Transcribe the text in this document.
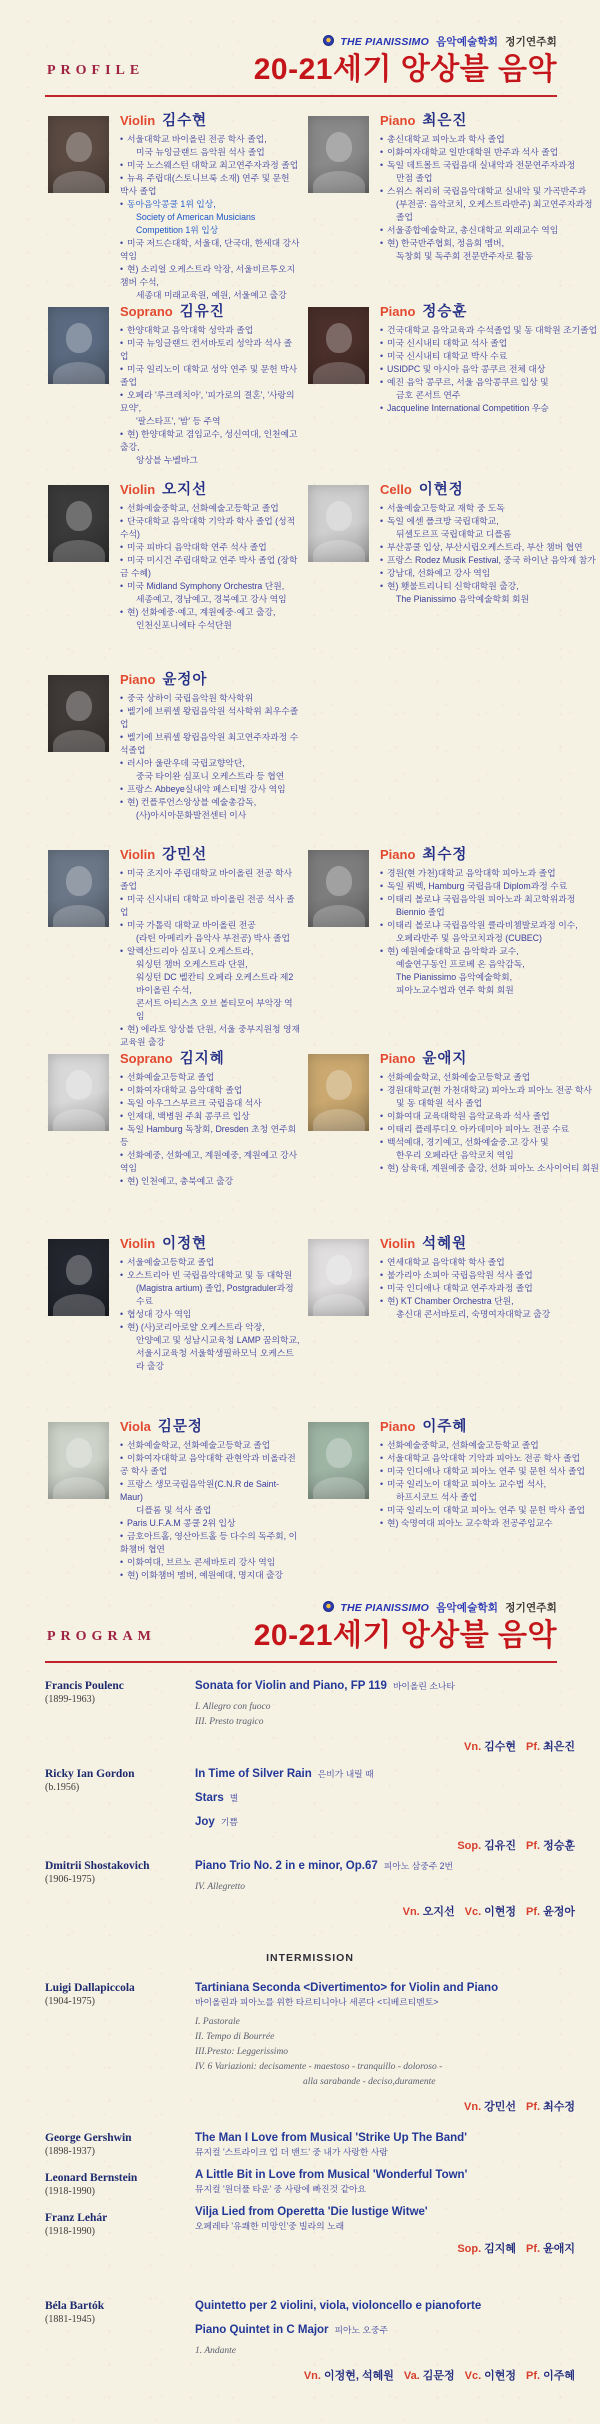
THE PIANISSIMO 음악예술학회 정기연주회
20-21세기 앙상블 음악
PROFILE
Violin 김수현
• 서울대학교 바이올린 전공 학사 졸업,
미국 뉴잉글랜드 음악원 석사 졸업
• 미국 노스웨스턴 대학교 최고연주자과정 졸업
• 뉴욕 주립대(스토니브룩 소재) 연주 및 문헌 박사 졸업
• 동아음악콩쿨 1위 입상,
Society of American Musicians Competition 1위 입상
• 미국 저드슨대학, 서울대, 단국대, 한세대 강사 역임
• 현) 소리얼 오케스트라 악장, 서울비르투오지 챔버 수석,
세종대 미래교육원, 예원, 서울예고 출강
Piano 최은진
• 총신대학교 피아노과 학사 졸업
• 이화여자대학교 일반대학원 반주과 석사 졸업
• 독일 데트몰트 국립음대 실내악과 전문연주자과정
만점 졸업
• 스위스 취리히 국립음악대학교 실내악 및 가곡반주과
(부전공: 음악코치, 오케스트라반주) 최고연주자과정 졸업
• 서울종합예술학교, 총신대학교 외래교수 역임
• 현) 한국반주협회, 정음회 멤버,
독창회 및 독주회 전문반주자로 활동
Soprano 김유진
• 한양대학교 음악대학 성악과 졸업
• 미국 뉴잉글랜드 컨서바토리 성악과 석사 졸업
• 미국 일리노이 대학교 성악 연주 및 문헌 박사 졸업
• 오페라 '루크레치아', '피가로의 결혼', '사랑의 묘약',
'팔스타프', '밤' 등 주역
• 현) 한양대학교 겸임교수, 성신여대, 인천예고 출강,
앙상블 누벨바그
Piano 정승훈
• 건국대학교 음악교육과 수석졸업 및 동 대학원 조기졸업
• 미국 신시내티 대학교 석사 졸업
• 미국 신시내티 대학교 박사 수료
• USIDPC 및 아시아 음악 콩쿠르 전체 대상
• 예진 음악 콩쿠르, 서울 음악콩쿠르 입상 및
금호 콘서트 연주
• Jacqueline International Competition 우승
Violin 오지선
• 선화예술중학교, 선화예술고등학교 졸업
• 단국대학교 음악대학 기악과 학사 졸업 (성적수석)
• 미국 피바디 음악대학 연주 석사 졸업
• 미국 미시건 주립대학교 연주 박사 졸업 (장학금 수혜)
• 미국 Midland Symphony Orchestra 단원,
세종예고, 경남예고, 경북예고 강사 역임
• 현) 선화예중·예고, 계원예중·예고 출강,
인천신포니에타 수석단원
Cello 이현정
• 서울예술고등학교 재학 중 도독
• 독일 에센 폴크방 국립대학교,
뒤셀도르프 국립대학교 디플롬
• 부산콩쿨 입상, 부산시립오케스트라, 부산 챔버 협연
• 프랑스 Rodez Musik Festival, 중국 하이난 음악제 참가
• 강남대, 선화예고 강사 역임
• 현) 횃불트리니티 신학대학원 출강,
The Pianissimo 음악예술학회 회원
Piano 윤정아
• 중국 상하이 국립음악원 학사학위
• 벨기에 브뤼셀 왕립음악원 석사학위 최우수졸업
• 벨기에 브뤼셀 왕립음악원 최고연주자과정 수석졸업
• 러시아 울란우데 국립교향악단,
중국 타이완 심포니 오케스트라 등 협연
• 프랑스 Abbeye실내악 페스티벌 강사 역임
• 현) 컨플루언스앙상블 예술총감독,
(사)아시아문화발전센터 이사
Violin 강민선
• 미국 조지아 주립대학교 바이올린 전공 학사 졸업
• 미국 신시내티 대학교 바이올린 전공 석사 졸업
• 미국 가톨릭 대학교 바이올린 전공
(라틴 아메리카 음악사 부전공) 박사 졸업
• 알렉산드리아 심포니 오케스트라,
워싱턴 챔버 오케스트라 단원,
워싱턴 DC 벨칸티 오페라 오케스트라 제2바이올린 수석,
콘서트 아티스츠 오브 볼티모어 부악장 역임
• 현) 에라토 앙상블 단원, 서울 중부지원청 영재교육원 출강
Piano 최수정
• 경원(현 가천)대학교 음악대학 피아노과 졸업
• 독일 뤼벡, Hamburg 국립음대 Diplom과정 수료
• 이태리 볼로냐 국립음악원 피아노과 최고학위과정
Biennio 졸업
• 이태리 볼로냐 국립음악원 클라비쳄발로과정 이수,
오페라반주 및 음악코치과정 (CUBEC)
• 현) 예원예술대학교 음악학과 교수,
예술연구동인 프로베 온 음악감독,
The Pianissimo 음악예술학회,
피아노교수법과 연주 학회 회원
Soprano 김지혜
• 선화예술고등학교 졸업
• 이화여자대학교 음악대학 졸업
• 독일 아우그스부르크 국립음대 석사
• 인제대, 백병원 주최 콩쿠르 입상
• 독일 Hamburg 독창회, Dresden 초청 연주회 등
• 선화예중, 선화예고, 계원예중, 계원예고 강사 역임
• 현) 인천예고, 충북예고 출강
Piano 윤애지
• 선화예술학교, 선화예술고등학교 졸업
• 경원대학교(현 가천대학교) 피아노과 피아노 전공 학사
및 동 대학원 석사 졸업
• 이화여대 교육대학원 음악교육과 석사 졸업
• 이태리 플레루디오 아카데미아 피아노 전공 수료
• 백석예대, 경기예고, 선화예술중.고 강사 및
한우리 오페라단 음악코치 역임
• 현) 삼육대, 계원예중 출강, 선화 피아노 소사이어티 회원
Violin 이정현
• 서울예술고등학교 졸업
• 오스트리아 빈 국립음악대학교 및 동 대학원
(Magistra artium) 졸업, Postgraduler과정 수료
• 협성대 강사 역임
• 현) (사)코리아로얄 오케스트라 악장,
안양예고 및 성남시교육청 LAMP 꿈의학교,
서울시교육청 서울학생필하모닉 오케스트라 출강
Violin 석혜원
• 연세대학교 음악대학 학사 졸업
• 불가리아 소피아 국립음악원 석사 졸업
• 미국 인디애나 대학교 연주자과정 졸업
• 현) KT Chamber Orchestra 단원,
총신대 콘서바토리, 숙명여자대학교 출강
Viola 김문정
• 선화예술학교, 선화예술고등학교 졸업
• 이화여자대학교 음악대학 관현악과 비올라전공 학사 졸업
• 프랑스 생모국립음악원(C.N.R de Saint-Maur)
디플롬 및 석사 졸업
• Paris U.F.A.M 콩쿨 2위 입상
• 금호아트홀, 영산아트홀 등 다수의 독주회, 이화챔버 협연
• 이화여대, 브르노 콘세바토리 강사 역임
• 현) 이화챔버 멤버, 예원예대, 명지대 출강
Piano 이주혜
• 선화예술중학교, 선화예술고등학교 졸업
• 서울대학교 음악대학 기악과 피아노 전공 학사 졸업
• 미국 인디애나 대학교 피아노 연주 및 문헌 석사 졸업
• 미국 일리노이 대학교 피아노 교수법 석사,
하프시코드 석사 졸업
• 미국 일리노이 대학교 피아노 연주 및 문헌 박사 졸업
• 현) 숙명여대 피아노 교수학과 전공주임교수
THE PIANISSIMO 음악예술학회 정기연주회
20-21세기 앙상블 음악
PROGRAM
Francis Poulenc
(1899-1963)
Sonata for Violin and Piano, FP 119 바이올린 소나타
I. Allegro con fuoco
III. Presto tragico
Vn. 김수현 Pf. 최은진
Ricky Ian Gordon
(b.1956)
In Time of Silver Rain 은비가 내릴 때
Stars 별
Joy 기쁨
Sop. 김유진 Pf. 정승훈
Dmitrii Shostakovich
(1906-1975)
Piano Trio No. 2 in e minor, Op.67 피아노 삼중주 2번
IV. Allegretto
Vn. 오지선 Vc. 이현정 Pf. 윤정아
INTERMISSION
Luigi Dallapiccola
(1904-1975)
Tartiniana Seconda <Divertimento> for Violin and Piano
바이올린과 피아노를 위한 타르티니아나 세콘다 <디베르티멘토>
I. Pastorale
II. Tempo di Bourrée
III.Presto: Leggerissimo
IV. 6 Variazioni: decisamente - maestoso - tranquillo - doloroso -
alla sarabande - deciso,duramente
Vn. 강민선 Pf. 최수정
George Gershwin
(1898-1937)
Leonard Bernstein
(1918-1990)
Franz Lehár
(1918-1990)
The Man I Love from Musical 'Strike Up The Band'
뮤지컬 '스트라이크 업 더 밴드' 중 내가 사랑한 사람
A Little Bit in Love from Musical 'Wonderful Town'
뮤지컬 '원더풀 타운' 중 사랑에 빠진것 같아요
Vilja Lied from Operetta 'Die lustige Witwe'
오페레타 '유쾌한 미망인'중 빌라의 노래
Sop. 김지혜 Pf. 윤애지
Béla Bartók
(1881-1945)
Quintetto per 2 violini, viola, violoncello e pianoforte
Piano Quintet in C Major 피아노 오중주
1. Andante
Vn. 이정현, 석혜원 Va. 김문정 Vc. 이현정 Pf. 이주혜
